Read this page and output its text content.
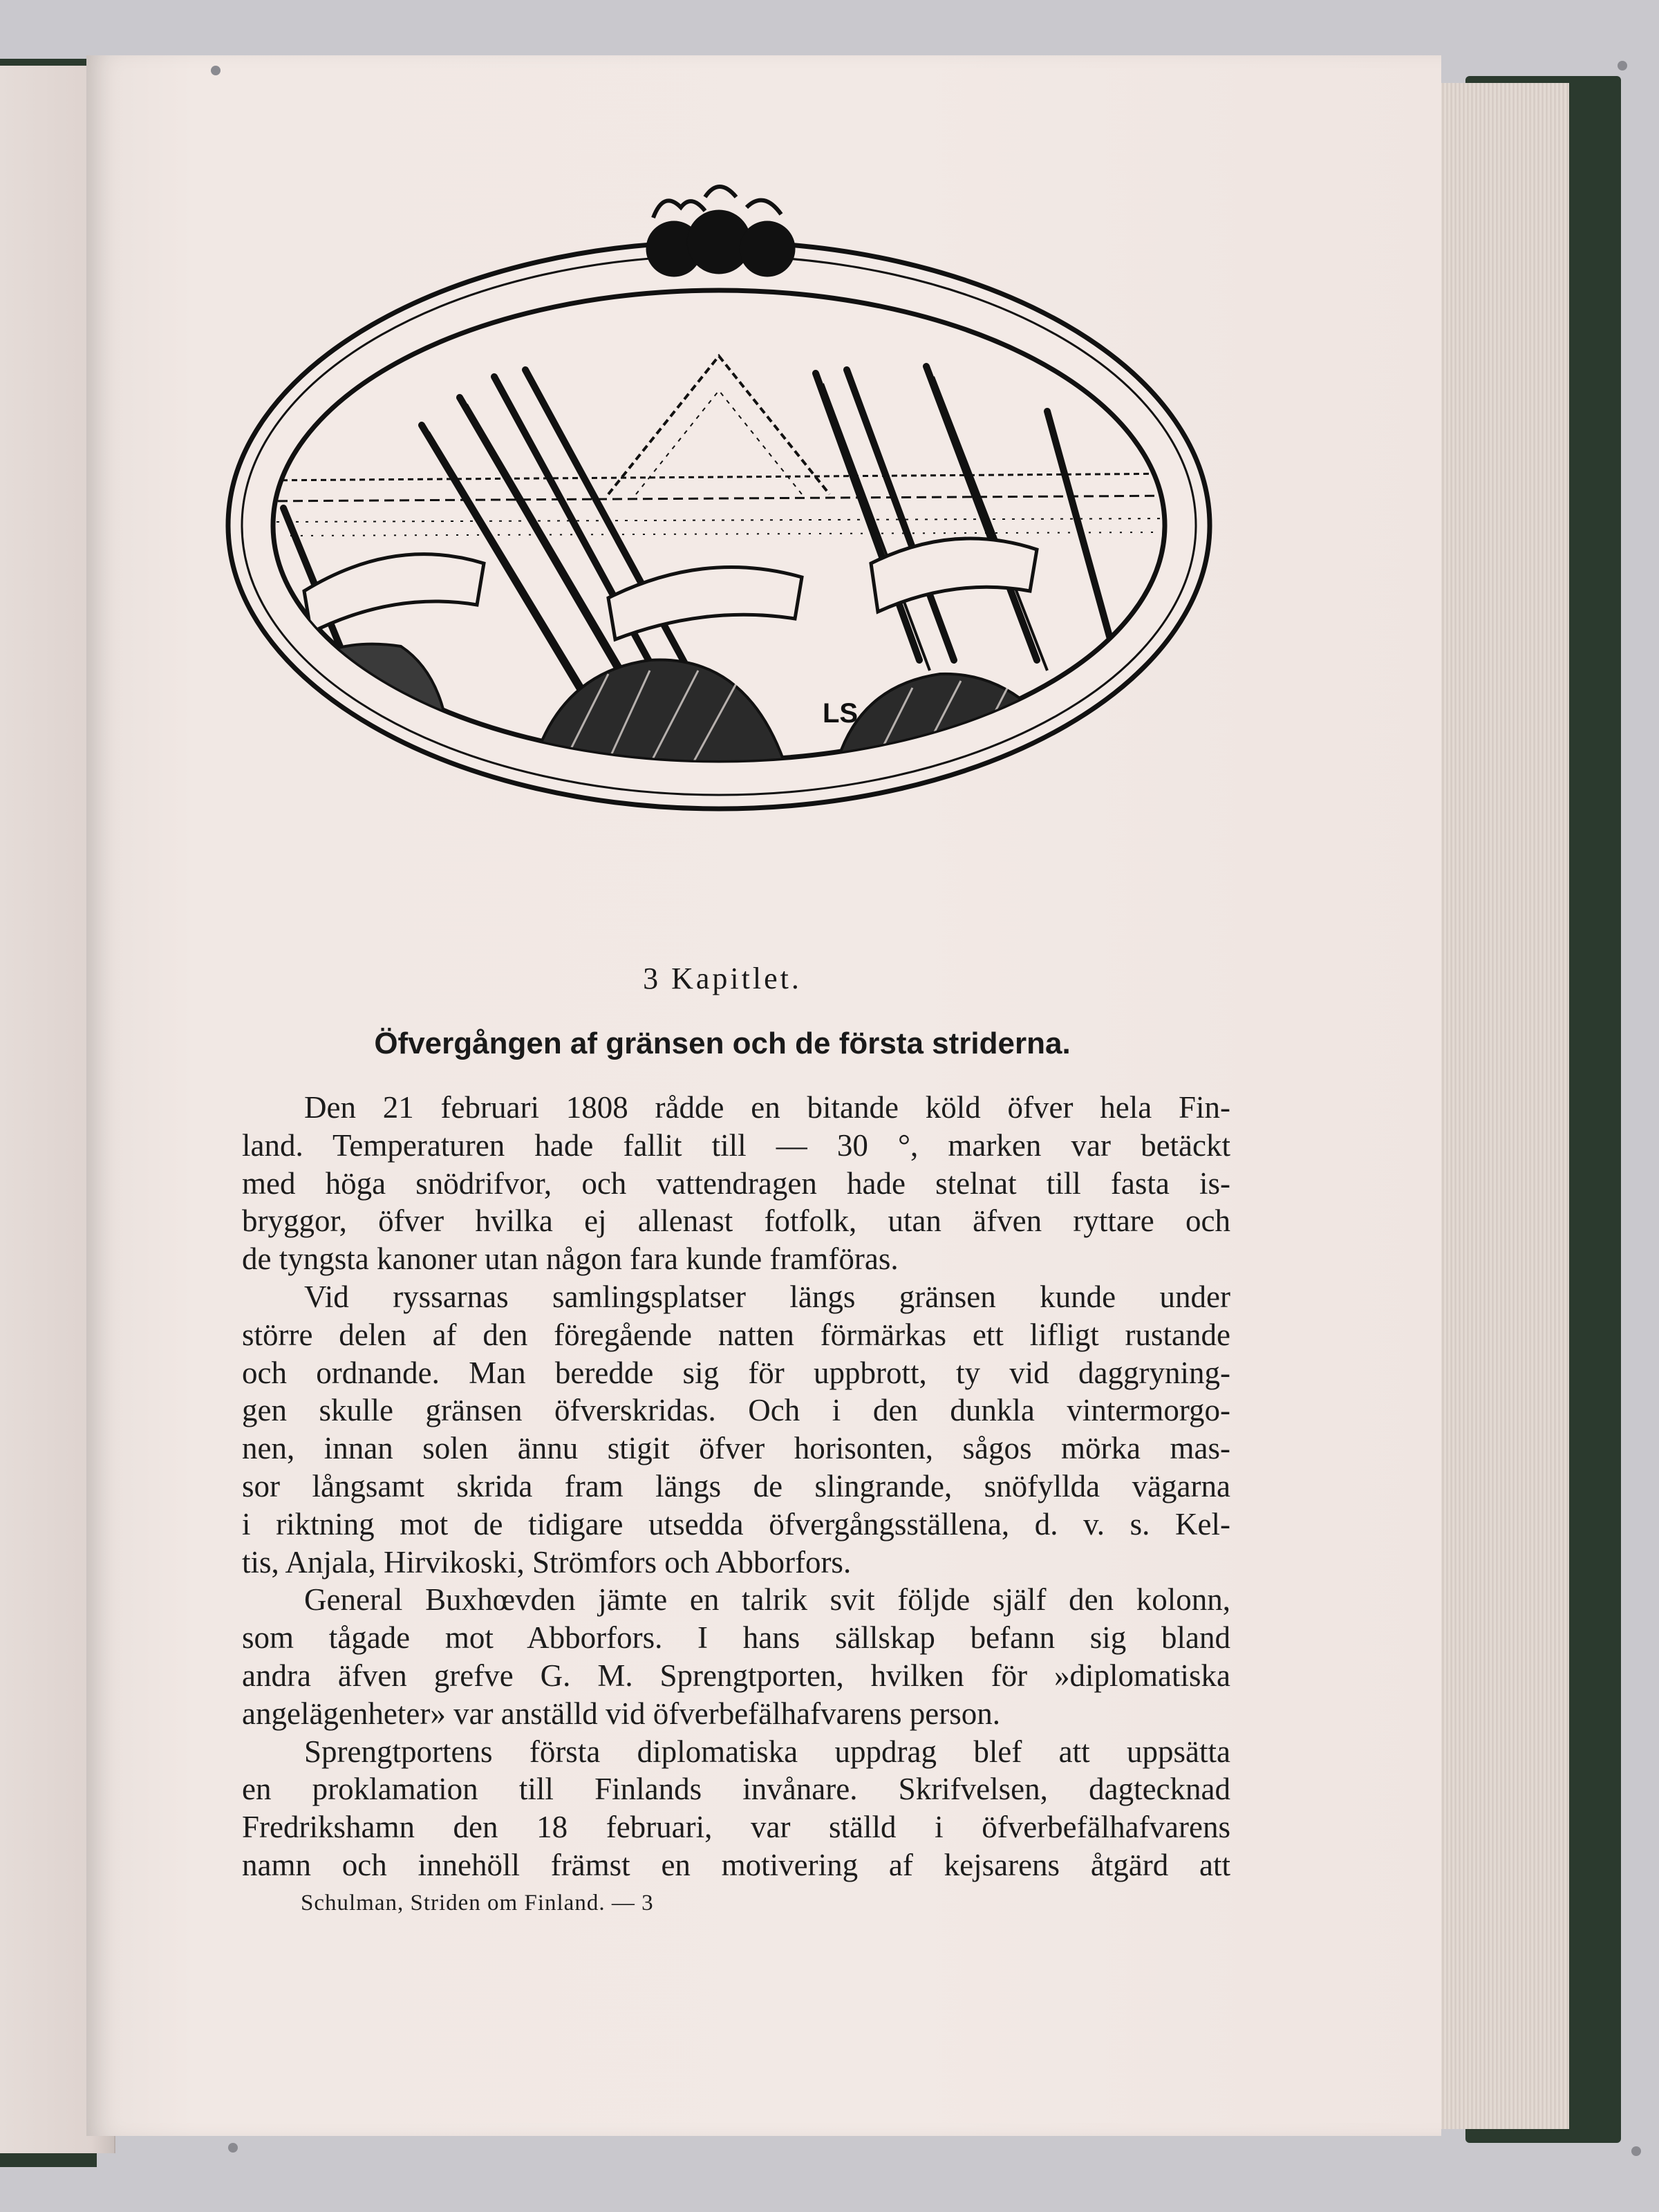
LS
3 Kapitlet.
Öfvergången af gränsen och de första striderna.
Den 21 februari 1808 rådde en bitande köld öfver hela Fin-
land. Temperaturen hade fallit till — 30 °, marken var betäckt
med höga snödrifvor, och vattendragen hade stelnat till fasta is-
bryggor, öfver hvilka ej allenast fotfolk, utan äfven ryttare och
de tyngsta kanoner utan någon fara kunde framföras.
Vid ryssarnas samlingsplatser längs gränsen kunde under
större delen af den föregående natten förmärkas ett lifligt rustande
och ordnande. Man beredde sig för uppbrott, ty vid daggryning-
gen skulle gränsen öfverskridas. Och i den dunkla vintermorgo-
nen, innan solen ännu stigit öfver horisonten, sågos mörka mas-
sor långsamt skrida fram längs de slingrande, snöfyllda vägarna
i riktning mot de tidigare utsedda öfvergångsställena, d. v. s. Kel-
tis, Anjala, Hirvikoski, Strömfors och Abborfors.
General Buxhœvden jämte en talrik svit följde själf den kolonn,
som tågade mot Abborfors. I hans sällskap befann sig bland
andra äfven grefve G. M. Sprengtporten, hvilken för »diplomatiska
angelägenheter» var anställd vid öfverbefälhafvarens person.
Sprengtportens första diplomatiska uppdrag blef att uppsätta
en proklamation till Finlands invånare. Skrifvelsen, dagtecknad
Fredrikshamn den 18 februari, var ställd i öfverbefälhafvarens
namn och innehöll främst en motivering af kejsarens åtgärd att
Schulman, Striden om Finland. — 3
